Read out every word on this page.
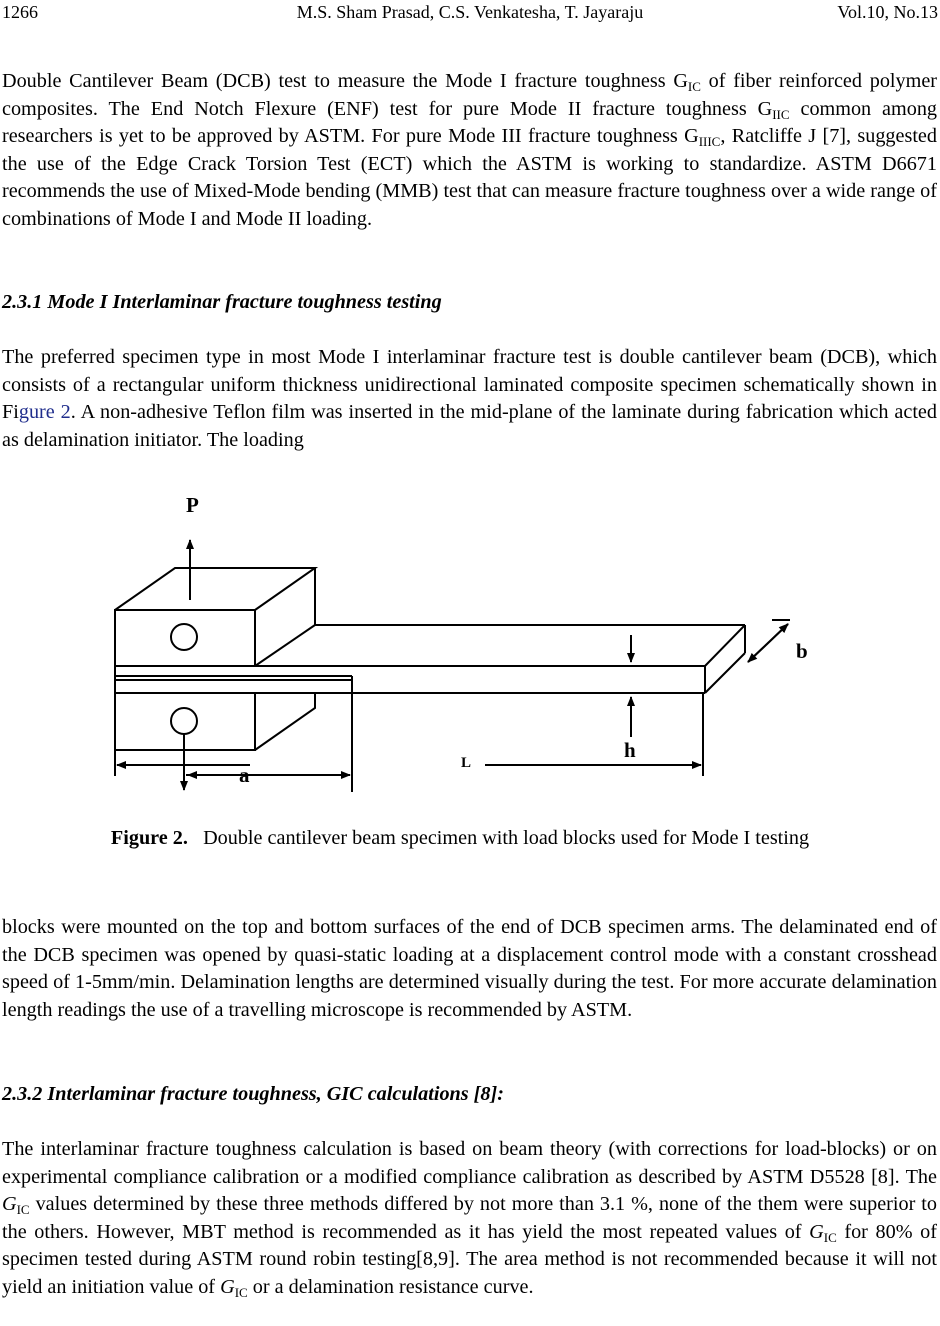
1266	M.S. Sham Prasad, C.S. Venkatesha, T. Jayaraju	Vol.10, No.13

Double Cantilever Beam (DCB) test to measure the Mode I fracture toughness $G_{IC}$ of fiber reinforced polymer composites. The End Notch Flexure (ENF) test for pure Mode II fracture toughness $G_{IIC}$ common among researchers is yet to be approved by ASTM. For pure Mode III fracture toughness $G_{IIIC}$, Ratcliffe J [7], suggested the use of the Edge Crack Torsion Test (ECT) which the ASTM is working to standardize. ASTM D6671 recommends the use of Mixed-Mode bending (MMB) test that can measure fracture toughness over a wide range of combinations of Mode I and Mode II loading.

2.3.1 Mode I Interlaminar fracture toughness testing

The preferred specimen type in most Mode I interlaminar fracture test is double cantilever beam (DCB), which consists of a rectangular uniform thickness unidirectional laminated composite specimen schematically shown in Figure 2. A non-adhesive Teflon film was inserted in the mid-plane of the laminate during fabrication which acted as delamination initiator. The loading

P
b
h
L
a
Figure 2. Double cantilever beam specimen with load blocks used for Mode I testing

blocks were mounted on the top and bottom surfaces of the end of DCB specimen arms. The delaminated end of the DCB specimen was opened by quasi-static loading at a displacement control mode with a constant crosshead speed of 1-5mm/min. Delamination lengths are determined visually during the test. For more accurate delamination length readings the use of a travelling microscope is recommended by ASTM.

2.3.2 Interlaminar fracture toughness, GIC calculations [8]:

The interlaminar fracture toughness calculation is based on beam theory (with corrections for load-blocks) or on experimental compliance calibration or a modified compliance calibration as described by ASTM D5528 [8]. The $G_{IC}$ values determined by these three methods differed by not more than 3.1 %, none of the them were superior to the others. However, MBT method is recommended as it has yield the most repeated values of $G_{IC}$ for 80% of specimen tested during ASTM round robin testing[8,9]. The area method is not recommended because it will not yield an initiation value of $G_{IC}$ or a delamination resistance curve.
